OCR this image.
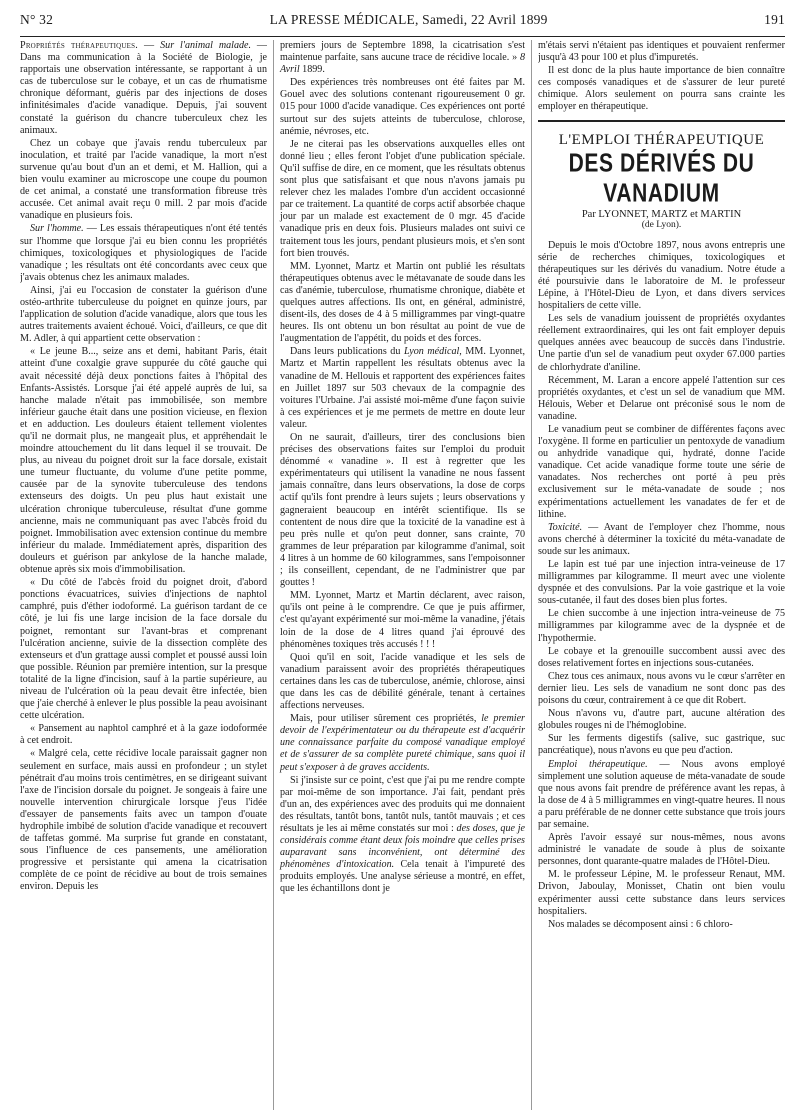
N° 32	LA PRESSE MÉDICALE, Samedi, 22 Avril 1899	191

Propriétés thérapeutiques. — Sur l'animal malade. — Dans ma communication à la Société de Biologie, je rapportais une observation intéressante, se rapportant à un cas de tuberculose sur le cobaye, et un cas de rhumatisme chronique déformant, guéris par des injections de doses infinitésimales d'acide vanadique. Depuis, j'ai souvent constaté la guérison du chancre tuberculeux chez les animaux.

Chez un cobaye que j'avais rendu tuberculeux par inoculation, et traité par l'acide vanadique, la mort n'est survenue qu'au bout d'un an et demi, et M. Hallion, qui a bien voulu examiner au microscope une coupe du poumon de cet animal, a constaté une transformation fibreuse très accusée. Cet animal avait reçu 0 mill. 2 par mois d'acide vanadique en plusieurs fois.

Sur l'homme. — Les essais thérapeutiques n'ont été tentés sur l'homme que lorsque j'ai eu bien connu les propriétés chimiques, toxicologiques et physiologiques de l'acide vanadique ; les résultats ont été concordants avec ceux que j'avais obtenus chez les animaux malades.

Ainsi, j'ai eu l'occasion de constater la guérison d'une ostéo-arthrite tuberculeuse du poignet en quinze jours, par l'application de solution d'acide vanadique, alors que tous les autres traitements avaient échoué. Voici, d'ailleurs, ce que dit M. Adler, à qui appartient cette observation :

« Le jeune B..., seize ans et demi, habitant Paris, était atteint d'une coxalgie grave suppurée du côté gauche qui avait nécessité déjà deux ponctions faites à l'hôpital des Enfants-Assistés. Lorsque j'ai été appelé auprès de lui, sa hanche malade n'était pas immobilisée, son membre inférieur gauche était dans une position vicieuse, en flexion et en adduction. Les douleurs étaient tellement violentes qu'il ne dormait plus, ne mangeait plus, et appréhendait le moindre attouchement du lit dans lequel il se trouvait. De plus, au niveau du poignet droit sur la face dorsale, existait une tumeur fluctuante, du volume d'une petite pomme, causée par de la synovite tuberculeuse des tendons extenseurs des doigts. Un peu plus haut existait une ulcération chronique tuberculeuse, résultat d'une gomme ancienne, mais ne communiquant pas avec l'abcès froid du poignet. Immobilisation avec extension continue du membre inférieur du malade. Immédiatement après, disparition des douleurs et guérison par ankylose de la hanche malade, obtenue après six mois d'immobilisation.

« Du côté de l'abcès froid du poignet droit, d'abord ponctions évacuatrices, suivies d'injections de naphtol camphré, puis d'éther iodoformé. La guérison tardant de ce côté, je lui fis une large incision de la face dorsale du poignet, remontant sur l'avant-bras et comprenant l'ulcération ancienne, suivie de la dissection complète des extenseurs et d'un grattage aussi complet et poussé aussi loin que possible. Réunion par première intention, sur la presque totalité de la ligne d'incision, sauf à la partie supérieure, au niveau de l'ulcération où la peau devait être infectée, bien que j'aie cherché à enlever le plus possible la peau avoisinant cette ulcération.

« Pansement au naphtol camphré et à la gaze iodoformée à cet endroit.

« Malgré cela, cette récidive locale paraissait gagner non seulement en surface, mais aussi en profondeur ; un stylet pénétrait d'au moins trois centimètres, en se dirigeant suivant l'axe de l'incision dorsale du poignet. Je songeais à faire une nouvelle intervention chirurgicale lorsque j'eus l'idée d'essayer de pansements faits avec un tampon d'ouate hydrophile imbibé de solution d'acide vanadique et recouvert de taffetas gommé. Ma surprise fut grande en constatant, sous l'influence de ces pansements, une amélioration progressive et persistante qui amena la cicatrisation complète de ce point de récidive au bout de trois semaines environ. Depuis les

premiers jours de Septembre 1898, la cicatrisation s'est maintenue parfaite, sans aucune trace de récidive locale. » 8 Avril 1899.

Des expériences très nombreuses ont été faites par M. Gouel avec des solutions contenant rigoureusement 0 gr. 015 pour 1000 d'acide vanadique. Ces expériences ont porté surtout sur des sujets atteints de tuberculose, chlorose, anémie, névroses, etc.

Je ne citerai pas les observations auxquelles elles ont donné lieu ; elles feront l'objet d'une publication spéciale. Qu'il suffise de dire, en ce moment, que les résultats obtenus sont plus que satisfaisant et que nous n'avons jamais pu relever chez les malades l'ombre d'un accident occasionné par ce traitement. La quantité de corps actif absorbée chaque jour par un malade est exactement de 0 mgr. 45 d'acide vanadique pris en deux fois. Plusieurs malades ont suivi ce traitement tous les jours, pendant plusieurs mois, et s'en sont fort bien trouvés.

MM. Lyonnet, Martz et Martin ont publié les résultats thérapeutiques obtenus avec le métavanate de soude dans les cas d'anémie, tuberculose, rhumatisme chronique, diabète et quelques autres affections. Ils ont, en général, administré, disent-ils, des doses de 4 à 5 milligrammes par vingt-quatre heures. Ils ont obtenu un bon résultat au point de vue de l'augmentation de l'appétit, du poids et des forces.

Dans leurs publications du Lyon médical, MM. Lyonnet, Martz et Martin rappellent les résultats obtenus avec la vanadine de M. Hellouis et rapportent des expériences faites en Juillet 1897 sur 503 chevaux de la compagnie des voitures l'Urbaine. J'ai assisté moi-même d'une façon suivie à ces expériences et je me permets de mettre en doute leur valeur.

On ne saurait, d'ailleurs, tirer des conclusions bien précises des observations faites sur l'emploi du produit dénommé « vanadine ». Il est à regretter que les expérimentateurs qui utilisent la vanadine ne nous fassent jamais connaître, dans leurs observations, la dose de corps actif qu'ils font prendre à leurs sujets ; leurs observations y gagneraient beaucoup en intérêt scientifique. Ils se contentent de nous dire que la toxicité de la vanadine est à peu près nulle et qu'on peut donner, sans crainte, 70 grammes de leur préparation par kilogramme d'animal, soit 4 litres à un homme de 60 kilogrammes, sans l'empoisonner ; ils conseillent, cependant, de ne l'administrer que par gouttes !

MM. Lyonnet, Martz et Martin déclarent, avec raison, qu'ils ont peine à le comprendre. Ce que je puis affirmer, c'est qu'ayant expérimenté sur moi-même la vanadine, j'étais loin de la dose de 4 litres quand j'ai éprouvé des phénomènes toxiques très accusés ! ! !

Quoi qu'il en soit, l'acide vanadique et les sels de vanadium paraissent avoir des propriétés thérapeutiques certaines dans les cas de tuberculose, anémie, chlorose, ainsi que dans les cas de débilité générale, tenant à certaines affections nerveuses.

Mais, pour utiliser sûrement ces propriétés, le premier devoir de l'expérimentateur ou du thérapeute est d'acquérir une connaissance parfaite du composé vanadique employé et de s'assurer de sa complète pureté chimique, sans quoi il peut s'exposer à de graves accidents.

Si j'insiste sur ce point, c'est que j'ai pu me rendre compte par moi-même de son importance. J'ai fait, pendant près d'un an, des expériences avec des produits qui me donnaient des résultats, tantôt bons, tantôt nuls, tantôt mauvais ; et ces résultats je les ai même constatés sur moi : des doses, que je considérais comme étant deux fois moindre que celles prises auparavant sans inconvénient, ont déterminé des phénomènes d'intoxication. Cela tenait à l'impureté des produits employés. Une analyse sérieuse a montré, en effet, que les échantillons dont je

m'étais servi n'étaient pas identiques et pouvaient renfermer jusqu'à 43 pour 100 et plus d'impuretés.

Il est donc de la plus haute importance de bien connaître ces composés vanadiques et de s'assurer de leur pureté chimique. Alors seulement on pourra sans crainte les employer en thérapeutique.

L'EMPLOI THÉRAPEUTIQUE
DES DÉRIVÉS DU VANADIUM
Par LYONNET, MARTZ et MARTIN
(de Lyon).

Depuis le mois d'Octobre 1897, nous avons entrepris une série de recherches chimiques, toxicologiques et thérapeutiques sur les dérivés du vanadium. Notre étude a été poursuivie dans le laboratoire de M. le professeur Lépine, à l'Hôtel-Dieu de Lyon, et dans divers services hospitaliers de cette ville.

Les sels de vanadium jouissent de propriétés oxydantes réellement extraordinaires, qui les ont fait employer depuis quelques années avec beaucoup de succès dans l'industrie. Une partie d'un sel de vanadium peut oxyder 67.000 parties de chlorhydrate d'aniline.

Récemment, M. Laran a encore appelé l'attention sur ces propriétés oxydantes, et c'est un sel de vanadium que MM. Hélouis, Weber et Delarue ont préconisé sous le nom de vanadine.

Le vanadium peut se combiner de différentes façons avec l'oxygène. Il forme en particulier un pentoxyde de vanadium ou anhydride vanadique qui, hydraté, donne l'acide vanadique. Cet acide vanadique forme toute une série de vanadates. Nos recherches ont porté à peu près exclusivement sur le méta-vanadate de soude ; nos expérimentations actuellement les vanadates de fer et de lithine.

Toxicité. — Avant de l'employer chez l'homme, nous avons cherché à déterminer la toxicité du méta-vanadate de soude sur les animaux.

Le lapin est tué par une injection intra-veineuse de 17 milligrammes par kilogramme. Il meurt avec une violente dyspnée et des convulsions. Par la voie gastrique et la voie sous-cutanée, il faut des doses bien plus fortes.

Le chien succombe à une injection intra-veineuse de 75 milligrammes par kilogramme avec de la dyspnée et de l'hypothermie.

Le cobaye et la grenouille succombent aussi avec des doses relativement fortes en injections sous-cutanées.

Chez tous ces animaux, nous avons vu le cœur s'arrêter en dernier lieu. Les sels de vanadium ne sont donc pas des poisons du cœur, contrairement à ce que dit Robert.

Nous n'avons vu, d'autre part, aucune altération des globules rouges ni de l'hémoglobine.

Sur les ferments digestifs (salive, suc gastrique, suc pancréatique), nous n'avons eu que peu d'action.

Emploi thérapeutique. — Nous avons employé simplement une solution aqueuse de méta-vanadate de soude que nous avons fait prendre de préférence avant les repas, à la dose de 4 à 5 milligrammes en vingt-quatre heures. Il nous a paru préférable de ne donner cette substance que trois jours par semaine.

Après l'avoir essayé sur nous-mêmes, nous avons administré le vanadate de soude à plus de soixante personnes, dont quarante-quatre malades de l'Hôtel-Dieu.

M. le professeur Lépine, M. le professeur Renaut, MM. Drivon, Jaboulay, Monisset, Chatin ont bien voulu expérimenter aussi cette substance dans leurs services hospitaliers.

Nos malades se décomposent ainsi : 6 chloro-
